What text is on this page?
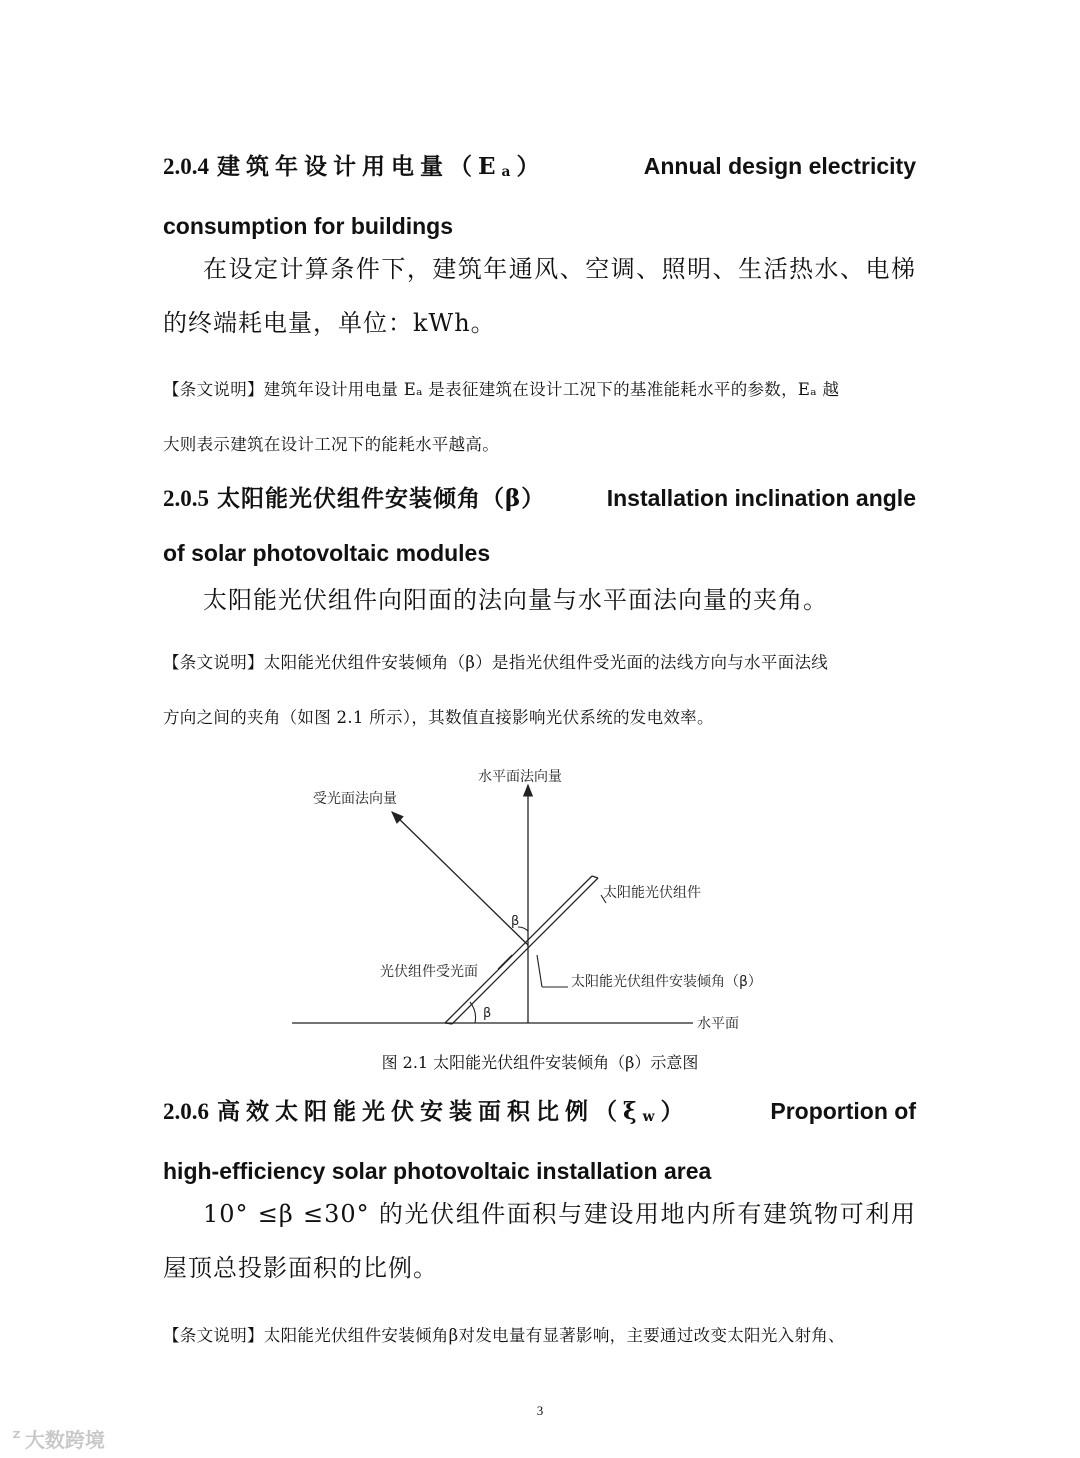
2.0.4 建筑年设计用电量$(E_a)$	Annual design electricity
consumption for buildings
在设定计算条件下，建筑年通风、空调、照明、生活热水、电梯的终端耗电量，单位：kWh。
【条文说明】建筑年设计用电量 Eₐ 是表征建筑在设计工况下的基准能耗水平的参数，Eₐ 越
大则表示建筑在设计工况下的能耗水平越高。
2.0.5 太阳能光伏组件安装倾角（β）	Installation inclination angle
of solar photovoltaic modules
太阳能光伏组件向阳面的法向量与水平面法向量的夹角。
【条文说明】太阳能光伏组件安装倾角（β）是指光伏组件受光面的法线方向与水平面法线
方向之间的夹角（如图 2.1 所示），其数值直接影响光伏系统的发电效率。
水平面法向量
受光面法向量
太阳能光伏组件
光伏组件受光面
太阳能光伏组件安装倾角（β）
水平面
β
β
图 2.1 太阳能光伏组件安装倾角（β）示意图
2.0.6 高效太阳能光伏安装面积比例$(\xi_w)$	Proportion of
high-efficiency solar photovoltaic installation area
10° ≤β ≤30° 的光伏组件面积与建设用地内所有建筑物可利用屋顶总投影面积的比例。
【条文说明】太阳能光伏组件安装倾角β对发电量有显著影响，主要通过改变太阳光入射角、
3
ᙆ 大数跨境
